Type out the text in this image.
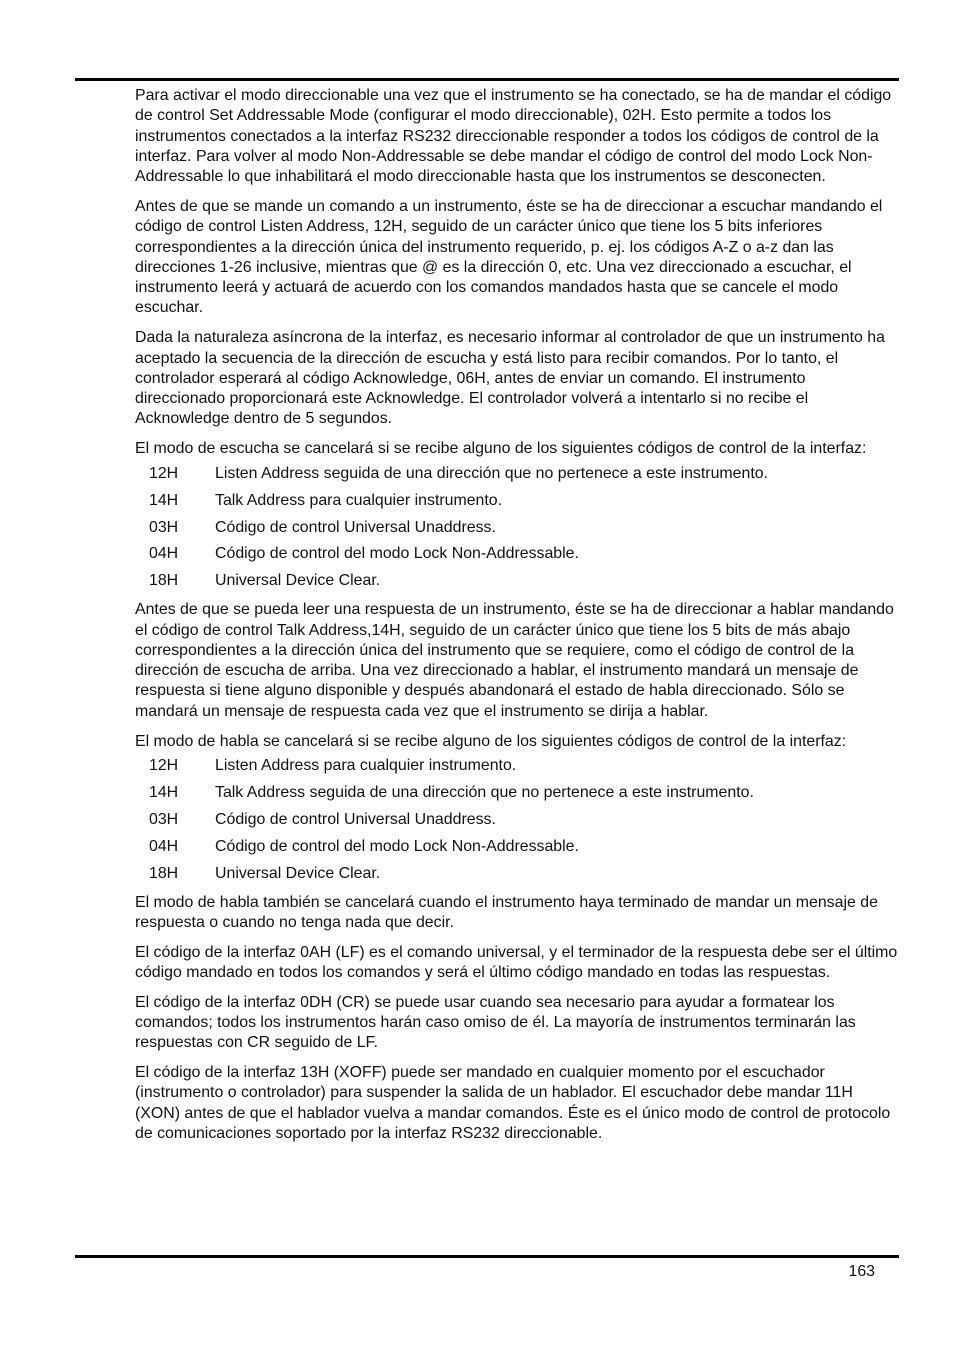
Para activar el modo direccionable una vez que el instrumento se ha conectado, se ha de mandar el código de control Set Addressable Mode (configurar el modo direccionable), 02H. Esto permite a todos los instrumentos conectados a la interfaz RS232 direccionable responder a todos los códigos de control de la interfaz. Para volver al modo Non-Addressable se debe mandar el código de control del modo Lock Non-Addressable lo que inhabilitará el modo direccionable hasta que los instrumentos se desconecten.

Antes de que se mande un comando a un instrumento, éste se ha de direccionar a escuchar mandando el código de control Listen Address, 12H, seguido de un carácter único que tiene los 5 bits inferiores correspondientes a la dirección única del instrumento requerido, p. ej. los códigos A-Z o a-z dan las direcciones 1-26 inclusive, mientras que @ es la dirección 0, etc. Una vez direccionado a escuchar, el instrumento leerá y actuará de acuerdo con los comandos mandados hasta que se cancele el modo escuchar.

Dada la naturaleza asíncrona de la interfaz, es necesario informar al controlador de que un instrumento ha aceptado la secuencia de la dirección de escucha y está listo para recibir comandos. Por lo tanto, el controlador esperará al código Acknowledge, 06H, antes de enviar un comando. El instrumento direccionado proporcionará este Acknowledge. El controlador volverá a intentarlo si no recibe el Acknowledge dentro de 5 segundos.

El modo de escucha se cancelará si se recibe alguno de los siguientes códigos de control de la interfaz:

12H	Listen Address seguida de una dirección que no pertenece a este instrumento.
14H	Talk Address para cualquier instrumento.
03H	Código de control Universal Unaddress.
04H	Código de control del modo Lock Non-Addressable.
18H	Universal Device Clear.

Antes de que se pueda leer una respuesta de un instrumento, éste se ha de direccionar a hablar mandando el código de control Talk Address,14H, seguido de un carácter único que tiene los 5 bits de más abajo correspondientes a la dirección única del instrumento que se requiere, como el código de control de la dirección de escucha de arriba. Una vez direccionado a hablar, el instrumento mandará un mensaje de respuesta si tiene alguno disponible y después abandonará el estado de habla direccionado. Sólo se mandará un mensaje de respuesta cada vez que el instrumento se dirija a hablar.

El modo de habla se cancelará si se recibe alguno de los siguientes códigos de control de la interfaz:

12H	Listen Address para cualquier instrumento.
14H	Talk Address seguida de una dirección que no pertenece a este instrumento.
03H	Código de control Universal Unaddress.
04H	Código de control del modo Lock Non-Addressable.
18H	Universal Device Clear.

El modo de habla también se cancelará cuando el instrumento haya terminado de mandar un mensaje de respuesta o cuando no tenga nada que decir.

El código de la interfaz 0AH (LF) es el comando universal, y el terminador de la respuesta debe ser el último código mandado en todos los comandos y será el último código mandado en todas las respuestas.

El código de la interfaz 0DH (CR) se puede usar cuando sea necesario para ayudar a formatear los comandos; todos los instrumentos harán caso omiso de él. La mayoría de instrumentos terminarán las respuestas con CR seguido de LF.

El código de la interfaz 13H (XOFF) puede ser mandado en cualquier momento por el escuchador (instrumento o controlador) para suspender la salida de un hablador. El escuchador debe mandar 11H (XON) antes de que el hablador vuelva a mandar comandos. Éste es el único modo de control de protocolo de comunicaciones soportado por la interfaz RS232 direccionable.

163
